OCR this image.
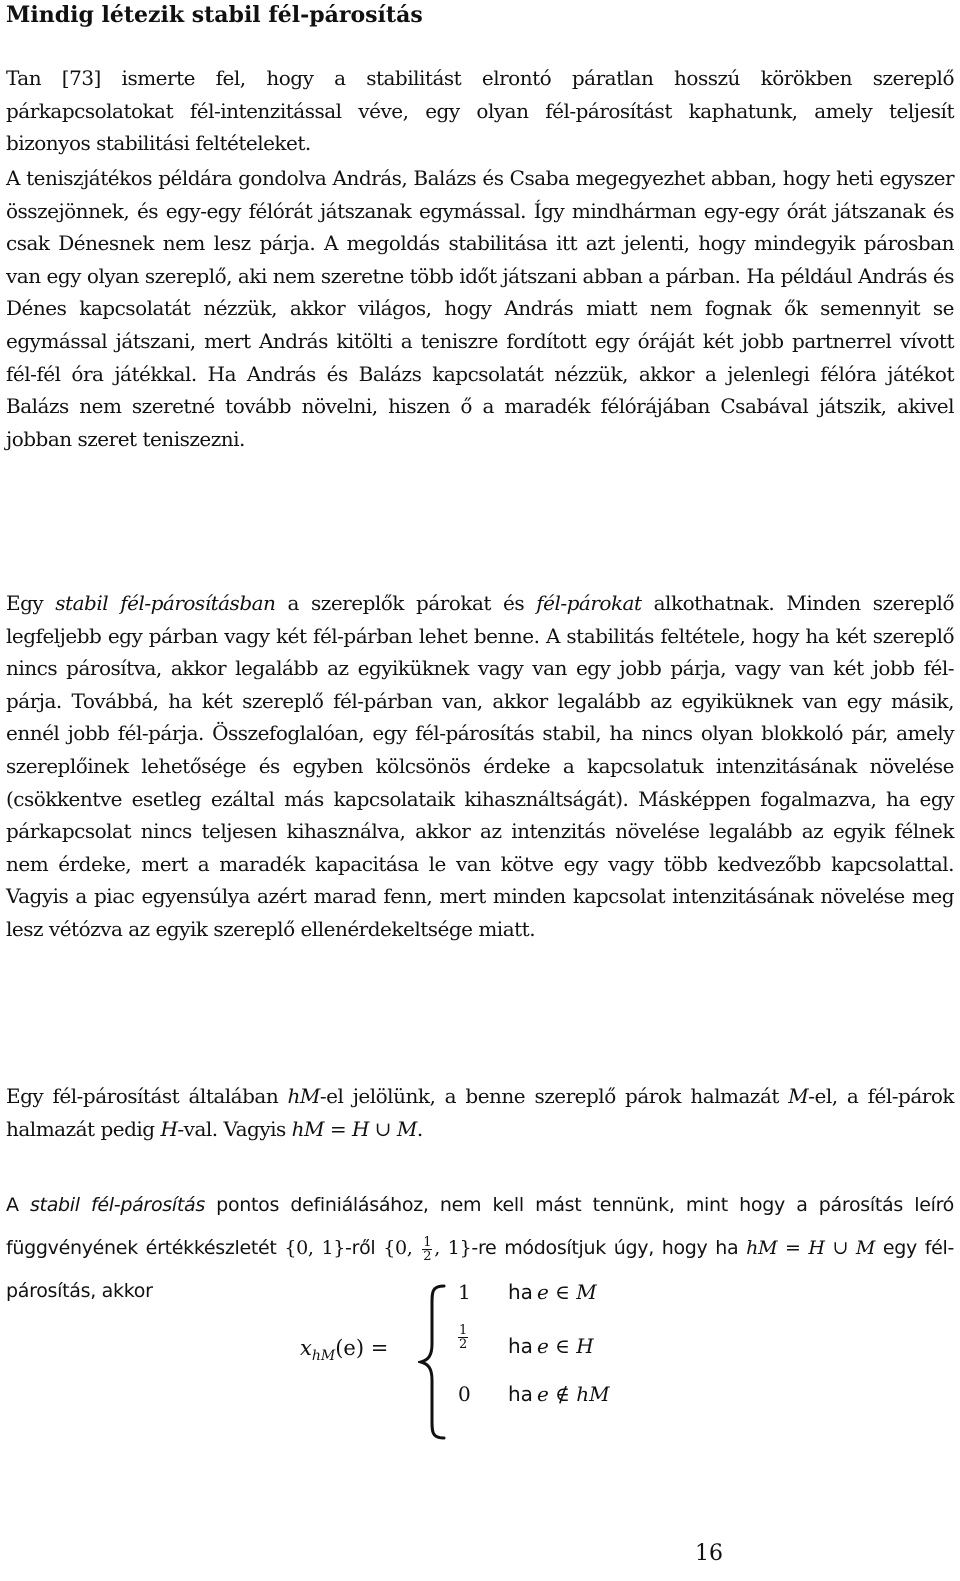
Mindig létezik stabil fél-párosítás

Tan [73] ismerte fel, hogy a stabilitást elrontó páratlan hosszú körökben szereplő párkapcsolatokat fél-intenzitással véve, egy olyan fél-párosítást kaphatunk, amely teljesít bizonyos stabilitási feltételeket.

A teniszjátékos példára gondolva András, Balázs és Csaba megegyezhet abban, hogy heti egyszer összejönnek, és egy-egy félórát játszanak egymással. Így mindhárman egy-egy órát játszanak és csak Dénesnek nem lesz párja. A megoldás stabilitása itt azt jelenti, hogy mindegyik párosban van egy olyan szereplő, aki nem szeretne több időt játszani abban a párban. Ha például András és Dénes kapcsolatát nézzük, akkor világos, hogy András miatt nem fognak ők semennyit se egymással játszani, mert András kitölti a teniszre fordított egy óráját két jobb partnerrel vívott fél-fél óra játékkal. Ha András és Balázs kapcsolatát nézzük, akkor a jelenlegi félóra játékot Balázs nem szeretné tovább növelni, hiszen ő a maradék félórájában Csabával játszik, akivel jobban szeret teniszezni.

Egy stabil fél-párosításban a szereplők párokat és fél-párokat alkothatnak. Minden szereplő legfeljebb egy párban vagy két fél-párban lehet benne. A stabilitás feltétele, hogy ha két szereplő nincs párosítva, akkor legalább az egyiküknek vagy van egy jobb párja, vagy van két jobb fél-párja. Továbbá, ha két szereplő fél-párban van, akkor legalább az egyiküknek van egy másik, ennél jobb fél-párja. Összefoglalóan, egy fél-párosítás stabil, ha nincs olyan blokkoló pár, amely szereplőinek lehetősége és egyben kölcsönös érdeke a kapcsolatuk intenzitásának növelése (csökkentve esetleg ezáltal más kapcsolataik kihasználtságát). Másképpen fogalmazva, ha egy párkapcsolat nincs teljesen kihasználva, akkor az intenzitás növelése legalább az egyik félnek nem érdeke, mert a maradék kapacitása le van kötve egy vagy több kedvezőbb kapcsolattal. Vagyis a piac egyensúlya azért marad fenn, mert minden kapcsolat intenzitásának növelése meg lesz vétózva az egyik szereplő ellenérdekeltsége miatt.

Egy fél-párosítást általában hM-el jelölünk, a benne szereplő párok halmazát M-el, a fél-párok halmazát pedig H-val. Vagyis hM = H ∪ M.

A stabil fél-párosítás pontos definiálásához, nem kell mást tennünk, mint hogy a párosítás leíró függvényének értékkészletét {0, 1}-ről {0, $\frac{1}{2}$ , 1}-re módosítjuk úgy, hogy ha hM = H ∪ M egy fél-párosítás, akkor

$x_{hM}(e)$ =
1 ha e ∈ M
$\frac{1}{2}$ ha e ∈ H
0 ha e ∉ hM
16
